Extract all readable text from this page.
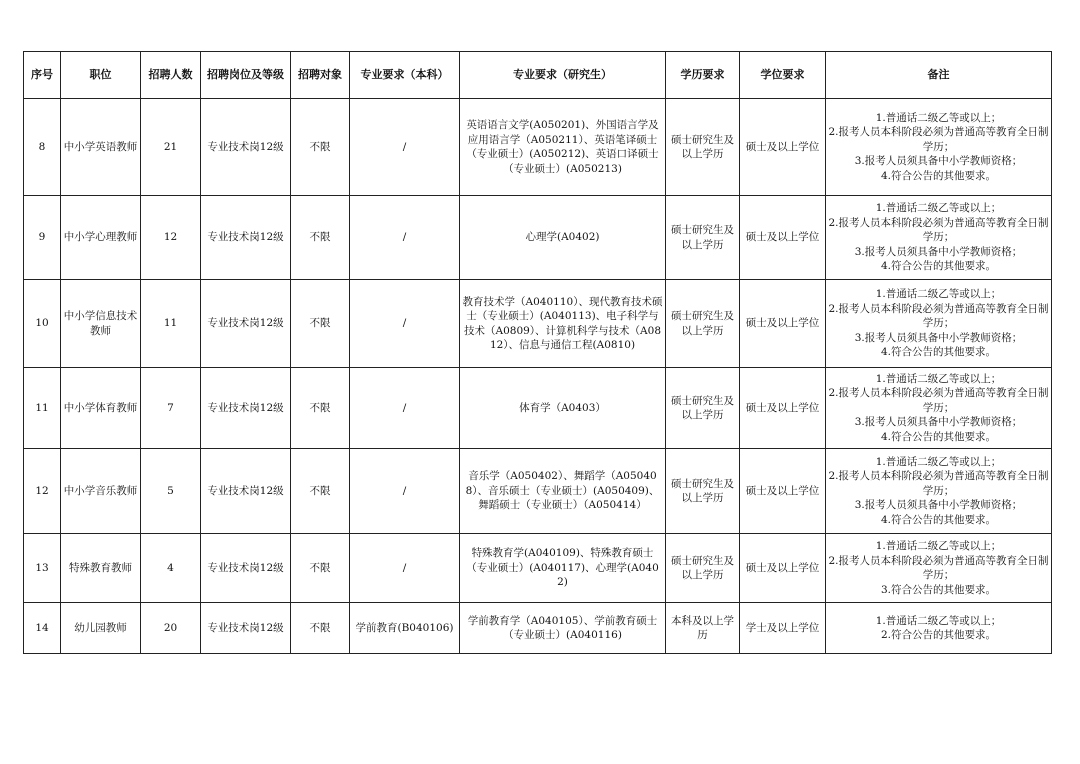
序号	职位	招聘人数	招聘岗位及等级	招聘对象	专业要求（本科）	专业要求（研究生）	学历要求	学位要求	备注
8	中小学英语教师	21	专业技术岗12级	不限	/	英语语言文学(A050201)、外国语言学及应用语言学（A050211）、英语笔译硕士（专业硕士）(A050212)、英语口译硕士（专业硕士）(A050213)	硕士研究生及以上学历	硕士及以上学位	1.普通话二级乙等或以上；
2.报考人员本科阶段必须为普通高等教育全日制学历；
3.报考人员须具备中小学教师资格；
4.符合公告的其他要求。

9	中小学心理教师	12	专业技术岗12级	不限	/	心理学(A0402)	硕士研究生及以上学历	硕士及以上学位	1.普通话二级乙等或以上；
2.报考人员本科阶段必须为普通高等教育全日制学历；
3.报考人员须具备中小学教师资格；
4.符合公告的其他要求。

10	中小学信息技术教师	11	专业技术岗12级	不限	/	教育技术学（A040110）、现代教育技术硕士（专业硕士）(A040113)、电子科学与技术（A0809）、计算机科学与技术（A0812）、信息与通信工程(A0810)	硕士研究生及以上学历	硕士及以上学位	1.普通话二级乙等或以上；
2.报考人员本科阶段必须为普通高等教育全日制学历；
3.报考人员须具备中小学教师资格；
4.符合公告的其他要求。

11	中小学体育教师	7	专业技术岗12级	不限	/	体育学（A0403）	硕士研究生及以上学历	硕士及以上学位	1.普通话二级乙等或以上；
2.报考人员本科阶段必须为普通高等教育全日制学历；
3.报考人员须具备中小学教师资格；
4.符合公告的其他要求。

12	中小学音乐教师	5	专业技术岗12级	不限	/	音乐学（A050402）、舞蹈学（A050408）、音乐硕士（专业硕士）(A050409)、舞蹈硕士（专业硕士）（A050414）	硕士研究生及以上学历	硕士及以上学位	1.普通话二级乙等或以上；
2.报考人员本科阶段必须为普通高等教育全日制学历；
3.报考人员须具备中小学教师资格；
4.符合公告的其他要求。

13	特殊教育教师	4	专业技术岗12级	不限	/	特殊教育学(A040109)、特殊教育硕士（专业硕士）(A040117)、心理学(A0402)	硕士研究生及以上学历	硕士及以上学位	1.普通话二级乙等或以上；
2.报考人员本科阶段必须为普通高等教育全日制学历；
3.符合公告的其他要求。

14	幼儿园教师	20	专业技术岗12级	不限	学前教育(B040106)	学前教育学（A040105）、学前教育硕士（专业硕士）(A040116)	本科及以上学历	学士及以上学位	1.普通话二级乙等或以上；
2.符合公告的其他要求。
